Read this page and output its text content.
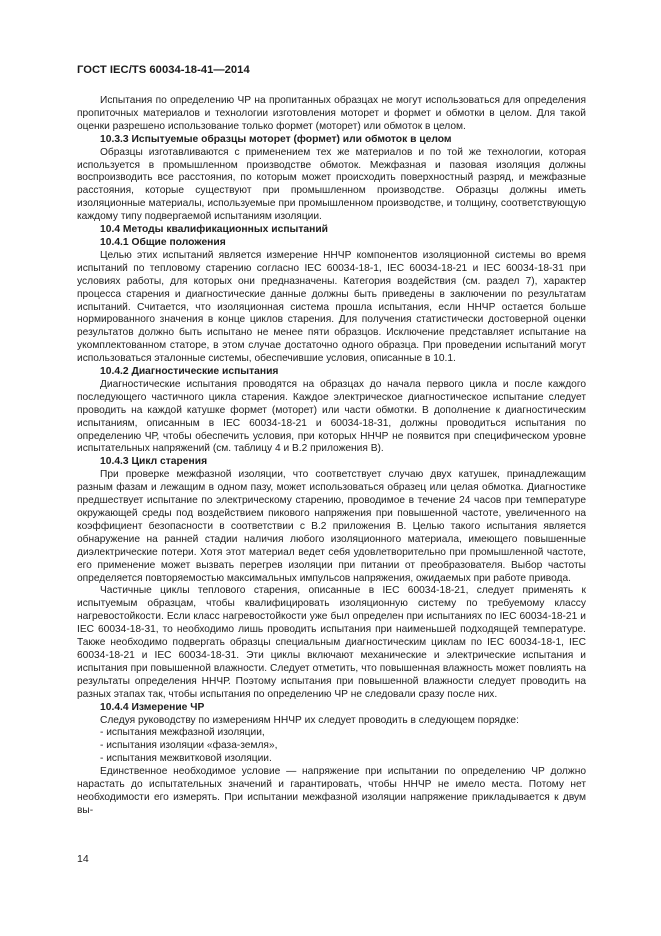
ГОСТ IEC/TS 60034-18-41—2014

Испытания по определению ЧР на пропитанных образцах не могут использоваться для определения пропиточных материалов и технологии изготовления моторет и формет и обмотки в целом. Для такой оценки разрешено использование только формет (моторет) или обмоток в целом.

10.3.3 Испытуемые образцы моторет (формет) или обмоток в целом

Образцы изготавливаются с применением тех же материалов и по той же технологии, которая используется в промышленном производстве обмоток. Межфазная и пазовая изоляция должны воспроизводить все расстояния, по которым может происходить поверхностный разряд, и межфазные расстояния, которые существуют при промышленном производстве. Образцы должны иметь изоляционные материалы, используемые при промышленном производстве, и толщину, соответствующую каждому типу подвергаемой испытаниям изоляции.

10.4 Методы квалификационных испытаний

10.4.1 Общие положения

Целью этих испытаний является измерение ННЧР компонентов изоляционной системы во время испытаний по тепловому старению согласно IEC 60034-18-1, IEC 60034-18-21 и IEC 60034-18-31 при условиях работы, для которых они предназначены. Категория воздействия (см. раздел 7), характер процесса старения и диагностические данные должны быть приведены в заключении по результатам испытаний. Считается, что изоляционная система прошла испытания, если ННЧР остается больше нормированного значения в конце циклов старения. Для получения статистически достоверной оценки результатов должно быть испытано не менее пяти образцов. Исключение представляет испытание на укомплектованном статоре, в этом случае достаточно одного образца. При проведении испытаний могут использоваться эталонные системы, обеспечившие условия, описанные в 10.1.

10.4.2 Диагностические испытания

Диагностические испытания проводятся на образцах до начала первого цикла и после каждого последующего частичного цикла старения. Каждое электрическое диагностическое испытание следует проводить на каждой катушке формет (моторет) или части обмотки. В дополнение к диагностическим испытаниям, описанным в IEC 60034-18-21 и 60034-18-31, должны проводиться испытания по определению ЧР, чтобы обеспечить условия, при которых ННЧР не появится при специфическом уровне испытательных напряжений (см. таблицу 4 и В.2 приложения В).

10.4.3 Цикл старения

При проверке межфазной изоляции, что соответствует случаю двух катушек, принадлежащим разным фазам и лежащим в одном пазу, может использоваться образец или целая обмотка. Диагностике предшествует испытание по электрическому старению, проводимое в течение 24 часов при температуре окружающей среды под воздействием пикового напряжения при повышенной частоте, увеличенного на коэффициент безопасности в соответствии с В.2 приложения В. Целью такого испытания является обнаружение на ранней стадии наличия любого изоляционного материала, имеющего повышенные диэлектрические потери. Хотя этот материал ведет себя удовлетворительно при промышленной частоте, его применение может вызвать перегрев изоляции при питании от преобразователя. Выбор частоты определяется повторяемостью максимальных импульсов напряжения, ожидаемых при работе привода.

Частичные циклы теплового старения, описанные в IEC 60034-18-21, следует применять к испытуемым образцам, чтобы квалифицировать изоляционную систему по требуемому классу нагревостойкости. Если класс нагревостойкости уже был определен при испытаниях по IEC 60034-18-21 и IEC 60034-18-31, то необходимо лишь проводить испытания при наименьшей подходящей температуре. Также необходимо подвергать образцы специальным диагностическим циклам по IEC 60034-18-1, IEC 60034-18-21 и IEC 60034-18-31. Эти циклы включают механические и электрические испытания и испытания при повышенной влажности. Следует отметить, что повышенная влажность может повлиять на результаты определения ННЧР. Поэтому испытания при повышенной влажности следует проводить на разных этапах так, чтобы испытания по определению ЧР не следовали сразу после них.

10.4.4 Измерение ЧР

Следуя руководству по измерениям ННЧР их следует проводить в следующем порядке:

- испытания межфазной изоляции,

- испытания изоляции «фаза-земля»,

- испытания межвитковой изоляции.

Единственное необходимое условие — напряжение при испытании по определению ЧР должно нарастать до испытательных значений и гарантировать, чтобы ННЧР не имело места. Потому нет необходимости его измерять. При испытании межфазной изоляции напряжение прикладывается к двум вы-

14
